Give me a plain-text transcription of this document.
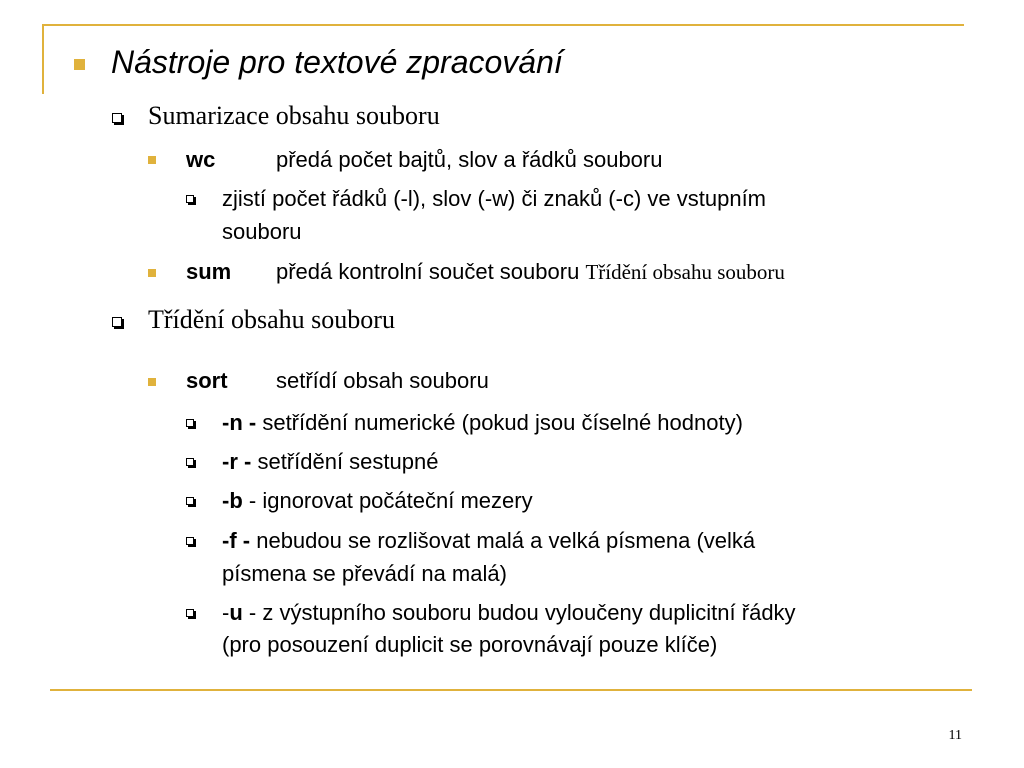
Nástroje pro textové zpracování
Sumarizace obsahu souboru
wc	předá počet bajtů, slov a řádků souboru
zjistí počet řádků (-l), slov (-w) či znaků (-c) ve vstupním
souboru
sum předá kontrolní součet souboru Třídění obsahu souboru
Třídění obsahu souboru
sort setřídí obsah souboru
-n - setřídění numerické (pokud jsou číselné hodnoty)
-r - setřídění sestupné
-b - ignorovat počáteční mezery
-f - nebudou se rozlišovat malá a velká písmena (velká
písmena se převádí na malá)
-u - z výstupního souboru budou vyloučeny duplicitní řádky
(pro posouzení duplicit se porovnávají pouze klíče)
11
